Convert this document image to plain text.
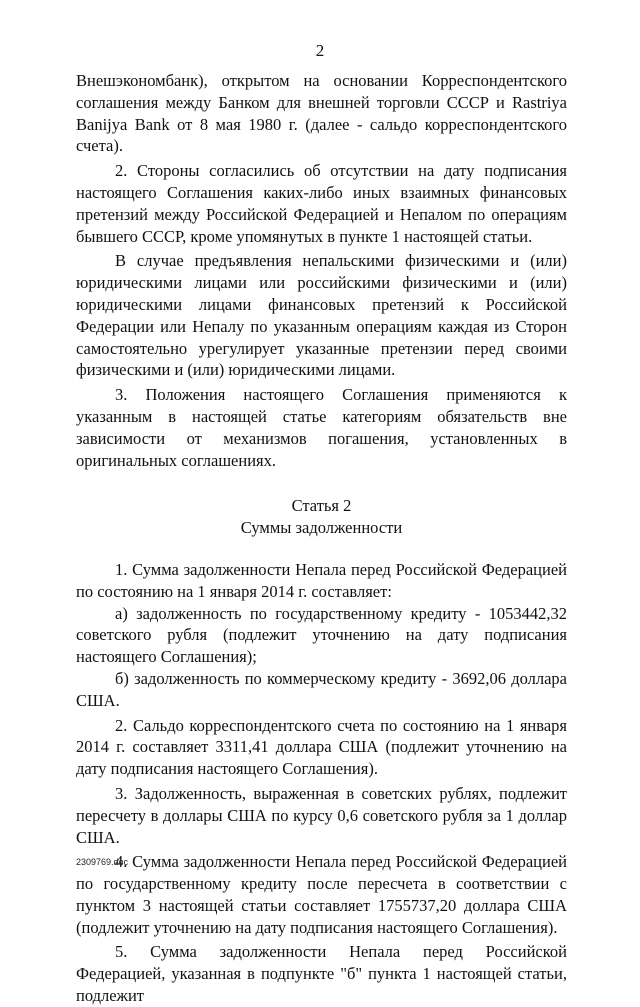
2

Внешэкономбанк), открытом на основании Корреспондентского соглашения между Банком для внешней торговли СССР и Rastriya Banijya Bank от 8 мая 1980 г. (далее - сальдо корреспондентского счета).

2. Стороны согласились об отсутствии на дату подписания настоящего Соглашения каких-либо иных взаимных финансовых претензий между Российской Федерацией и Непалом по операциям бывшего СССР, кроме упомянутых в пункте 1 настоящей статьи.

В случае предъявления непальскими физическими и (или) юридическими лицами или российскими физическими и (или) юридическими лицами финансовых претензий к Российской Федерации или Непалу по указанным операциям каждая из Сторон самостоятельно урегулирует указанные претензии перед своими физическими и (или) юридическими лицами.

3. Положения настоящего Соглашения применяются к указанным в настоящей статье категориям обязательств вне зависимости от механизмов погашения, установленных в оригинальных соглашениях.

Статья 2

Суммы задолженности

1. Сумма задолженности Непала перед Российской Федерацией по состоянию на 1 января 2014 г. составляет:

а) задолженность по государственному кредиту - 1053442,32 советского рубля (подлежит уточнению на дату подписания настоящего Соглашения);

б) задолженность по коммерческому кредиту - 3692,06 доллара США.

2. Сальдо корреспондентского счета по состоянию на 1 января 2014 г. составляет 3311,41 доллара США (подлежит уточнению на дату подписания настоящего Соглашения).

3. Задолженность, выраженная в советских рублях, подлежит пересчету в доллары США по курсу 0,6 советского рубля за 1 доллар США.

4. Сумма задолженности Непала перед Российской Федерацией по государственному кредиту после пересчета в соответствии с пунктом 3 настоящей статьи составляет 1755737,20 доллара США (подлежит уточнению на дату подписания настоящего Соглашения).

5. Сумма задолженности Непала перед Российской Федерацией, указанная в подпункте "б" пункта 1 настоящей статьи, подлежит

2309769.doc
